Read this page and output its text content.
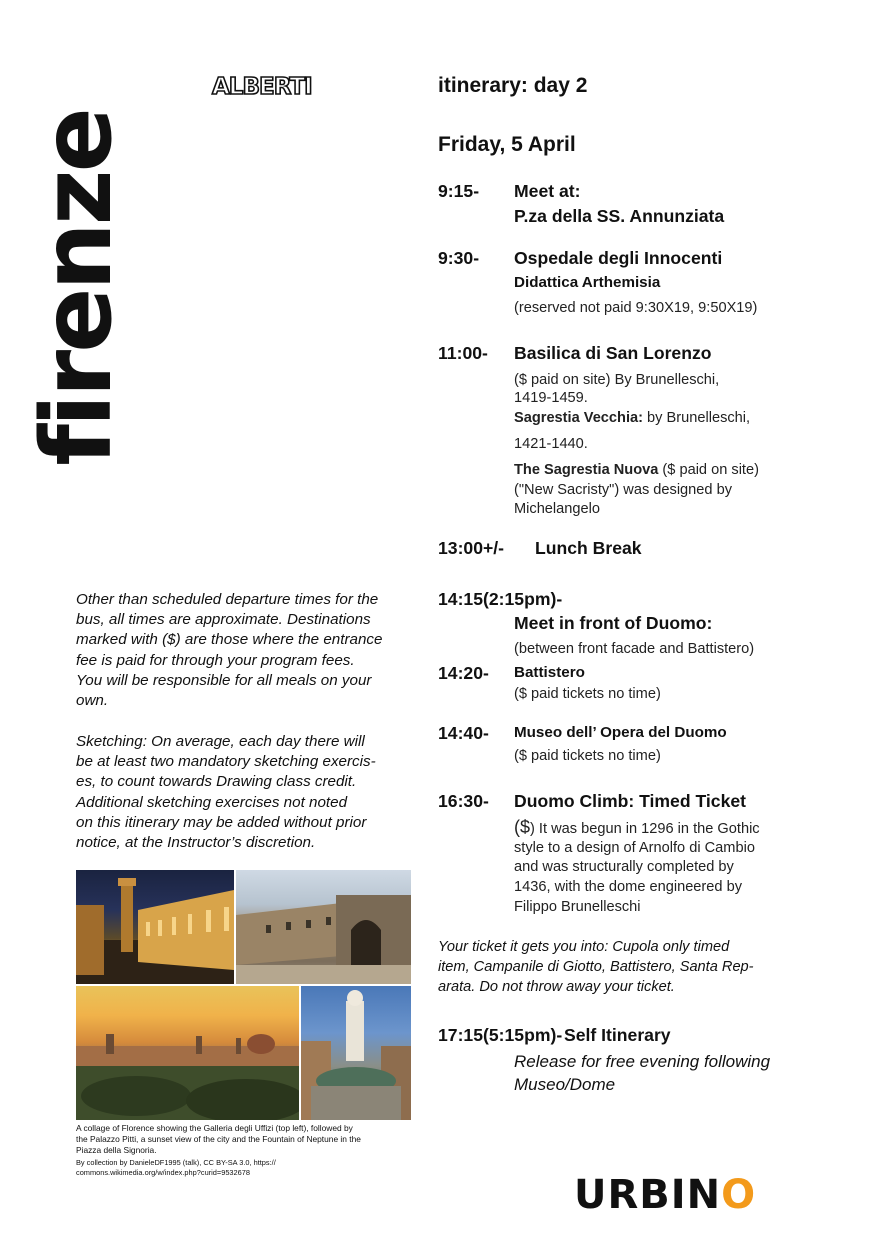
firenze
ALBERTI
Other than scheduled departure times for the
bus, all times are approximate. Destinations
marked with ($) are those where the entrance
fee is paid for through your program fees.
You will be responsible for all meals on your
own.
Sketching: On average, each day there will
be at least two mandatory sketching exercis-
es, to count towards Drawing class credit.
Additional sketching exercises not noted
on this itinerary may be added without prior
notice, at the Instructor’s discretion.
A collage of Florence showing the Galleria degli Uffizi (top left), followed by
the Palazzo Pitti, a sunset view of the city and the Fountain of Neptune in the
Piazza della Signoria.
By collection by DanieleDF1995 (talk), CC BY-SA 3.0, https://
commons.wikimedia.org/w/index.php?curid=9532678
itinerary: day 2
Friday, 5 April
9:15- Meet at:
P.za della SS. Annunziata
9:30- Ospedale degli Innocenti
Didattica Arthemisia
(reserved not paid 9:30X19, 9:50X19)
11:00- Basilica di San Lorenzo
($ paid on site) By Brunelleschi,
1419-1459.
Sagrestia Vecchia: by Brunelleschi,
1421-1440.
The Sagrestia Nuova ($ paid on site)
("New Sacristy") was designed by
Michelangelo
13:00+/- Lunch Break
14:15(2:15pm)-
Meet in front of Duomo:
(between front facade and Battistero)
14:20- Battistero
($ paid tickets no time)
14:40- Museo dell’ Opera del Duomo
($ paid tickets no time)
16:30- Duomo Climb: Timed Ticket
($) It was begun in 1296 in the Gothic
style to a design of Arnolfo di Cambio
and was structurally completed by
1436, with the dome engineered by
Filippo Brunelleschi
Your ticket it gets you into: Cupola only timed
item, Campanile di Giotto, Battistero, Santa Rep-
arata. Do not throw away your ticket.
17:15(5:15pm)- Self Itinerary
Release for free evening following
Museo/Dome
URBINO
